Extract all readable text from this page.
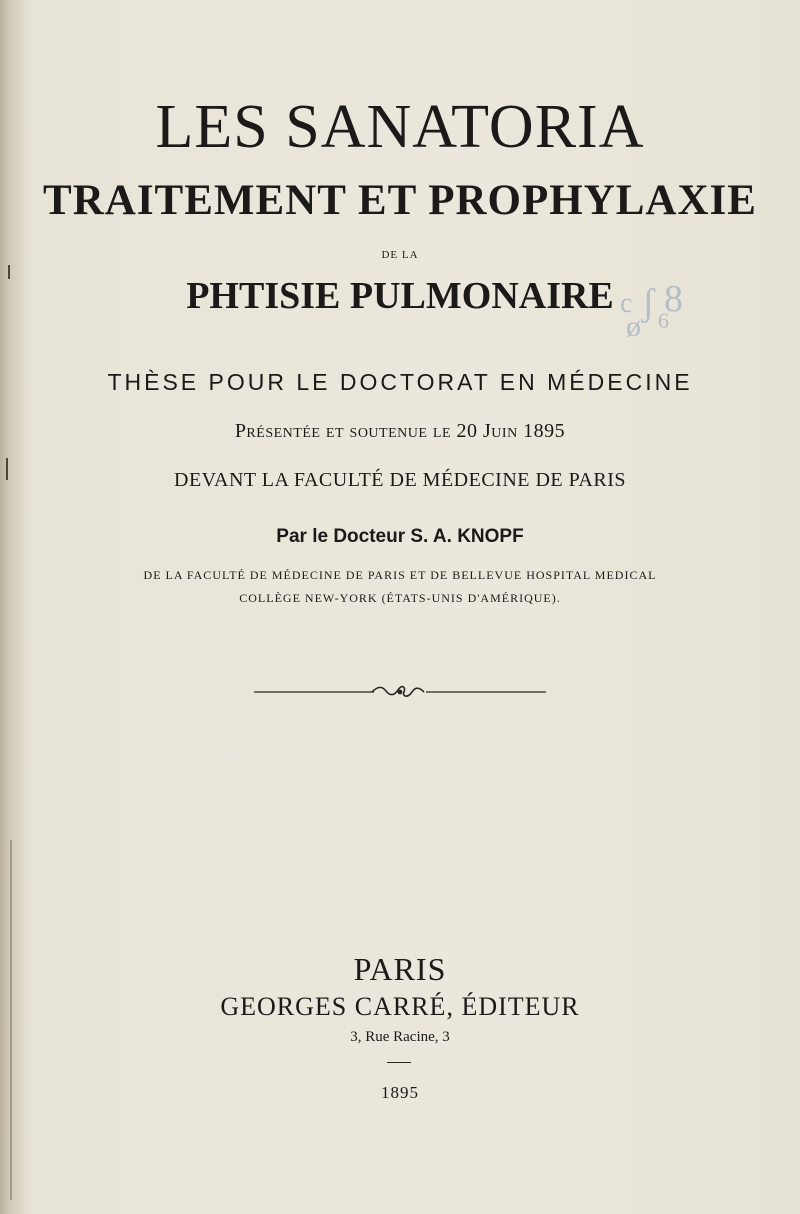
LES SANATORIA
TRAITEMENT ET PROPHYLAXIE
DE LA
PHTISIE PULMONAIRE c ʃ 8
ø 6
THÈSE POUR LE DOCTORAT EN MÉDECINE
Présentée et soutenue le 20 Juin 1895
DEVANT LA FACULTÉ DE MÉDECINE DE PARIS
Par le Docteur S. A. KNOPF
DE LA FACULTÉ DE MÉDECINE DE PARIS ET DE BELLEVUE HOSPITAL MEDICAL
COLLÈGE NEW-YORK (ÉTATS-UNIS D'AMÉRIQUE).
PARIS
GEORGES CARRÉ, ÉDITEUR
3, Rue Racine, 3
1895
